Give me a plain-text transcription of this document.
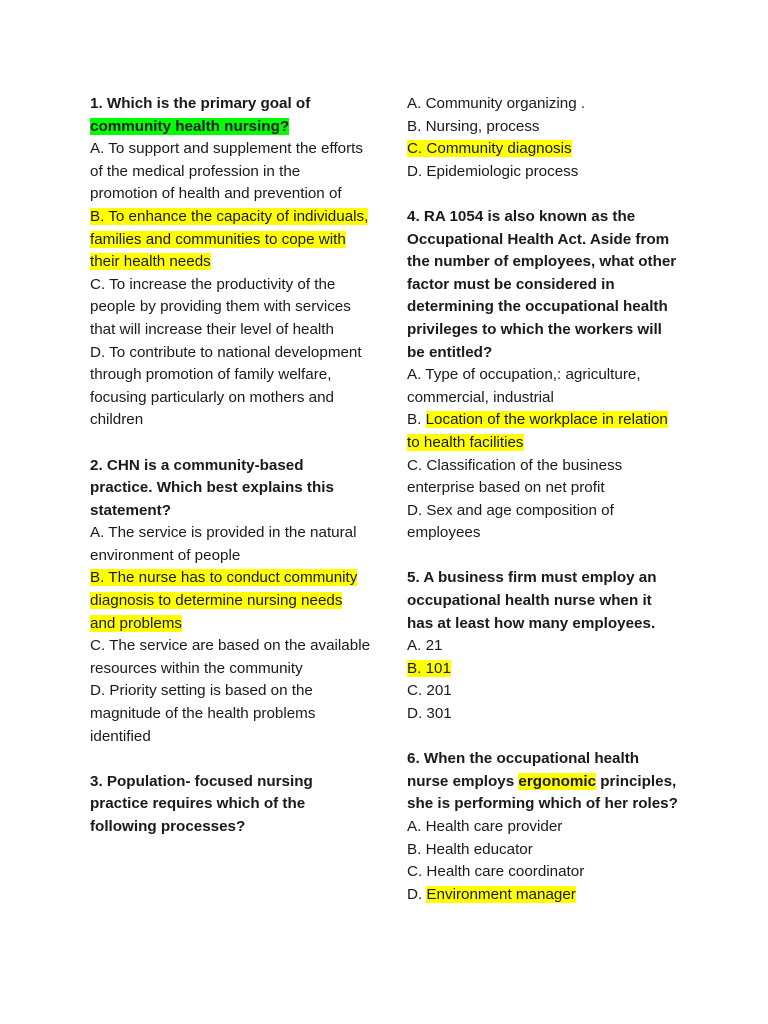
1. Which is the primary goal of community health nursing?

A. To support and supplement the efforts of the medical profession in the promotion of health and prevention of

B. To enhance the capacity of individuals, families and communities to cope with their health needs

C. To increase the productivity of the people by providing them with services that will increase their level of health

D. To contribute to national development through promotion of family welfare, focusing particularly on mothers and children

2. CHN is a community-based practice. Which best explains this statement?

A. The service is provided in the natural environment of people

B. The nurse has to conduct community diagnosis to determine nursing needs and problems

C. The service are based on the available resources within the community

D. Priority setting is based on the magnitude of the health problems identified

3. Population- focused nursing practice requires which of the following processes?

A. Community organizing .

B. Nursing, process

C. Community diagnosis

D. Epidemiologic process

4. RA 1054 is also known as the Occupational Health Act. Aside from the number of employees, what other factor must be considered in determining the occupational health privileges to which the workers will be entitled?

A. Type of occupation,: agriculture, commercial, industrial

B. Location of the workplace in relation to health facilities

C. Classification of the business enterprise based on net profit

D. Sex and age composition of employees

5. A business firm must employ an occupational health nurse when it has at least how many employees.

A. 21

B. 101

C. 201

D. 301

6. When the occupational health nurse employs ergonomic principles, she is performing which of her roles?

A. Health care provider

B. Health educator

C. Health care coordinator

D. Environment manager
